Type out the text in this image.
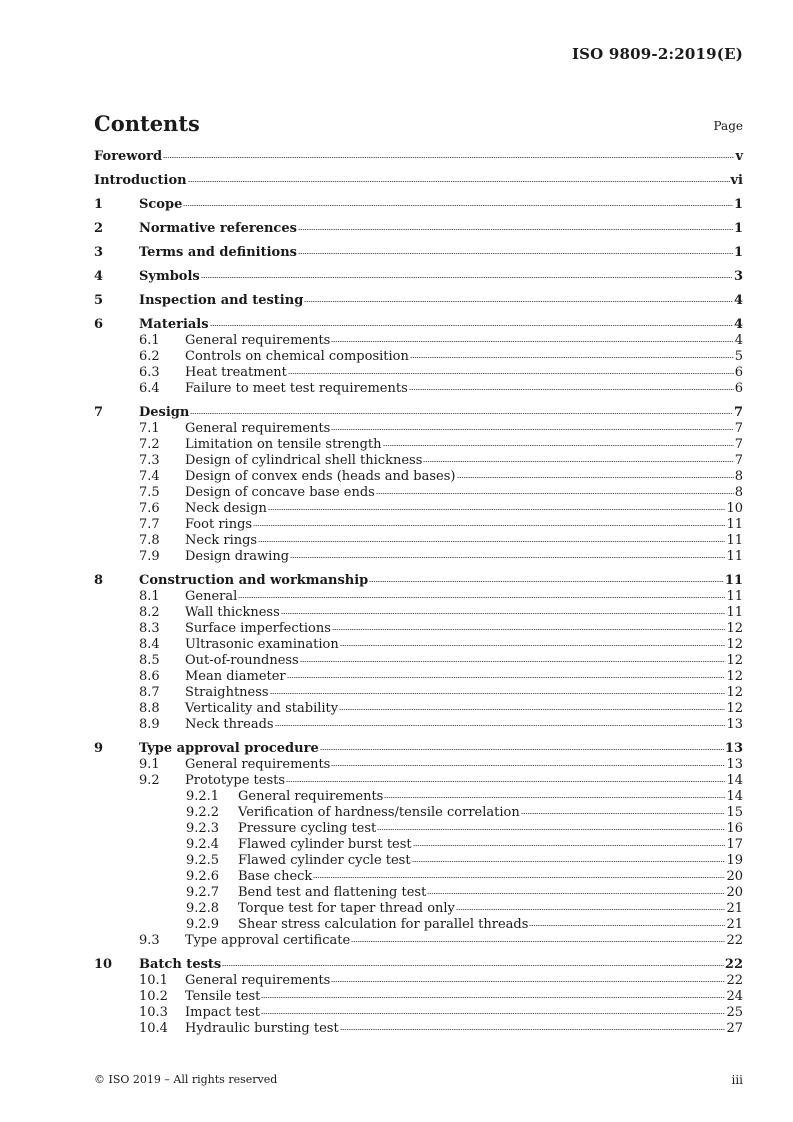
ISO 9809-2:2019(E)
Contents	Page
Foreword	v
Introduction	vi
1	Scope	1
2	Normative references	1
3	Terms and definitions	1
4	Symbols	3
5	Inspection and testing	4
6	Materials	4
6.1 General requirements	4
6.2 Controls on chemical composition	5
6.3 Heat treatment	6
6.4 Failure to meet test requirements	6
7	Design	7
7.1 General requirements	7
7.2 Limitation on tensile strength	7
7.3 Design of cylindrical shell thickness	7
7.4 Design of convex ends (heads and bases)	8
7.5 Design of concave base ends	8
7.6 Neck design	10
7.7 Foot rings	11
7.8 Neck rings	11
7.9 Design drawing	11
8	Construction and workmanship	11
8.1 General	11
8.2 Wall thickness	11
8.3 Surface imperfections	12
8.4 Ultrasonic examination	12
8.5 Out-of-roundness	12
8.6 Mean diameter	12
8.7 Straightness	12
8.8 Verticality and stability	12
8.9 Neck threads	13
9	Type approval procedure	13
9.1 General requirements	13
9.2 Prototype tests	14
9.2.1 General requirements	14
9.2.2 Verification of hardness/tensile correlation	15
9.2.3 Pressure cycling test	16
9.2.4 Flawed cylinder burst test	17
9.2.5 Flawed cylinder cycle test	19
9.2.6 Base check	20
9.2.7 Bend test and flattening test	20
9.2.8 Torque test for taper thread only	21
9.2.9 Shear stress calculation for parallel threads	21
9.3 Type approval certificate	22
10 Batch tests	22
10.1 General requirements	22
10.2 Tensile test	24
10.3 Impact test	25
10.4 Hydraulic bursting test	27
© ISO 2019 – All rights reserved	iii
